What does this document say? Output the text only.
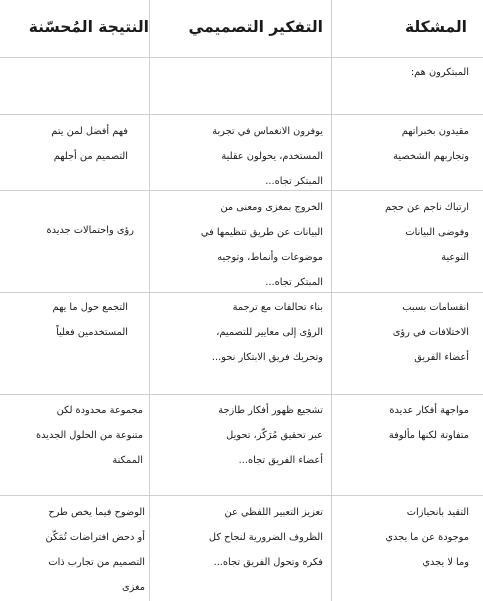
المشكلة
التفكير التصميمي
النتيجة المُحسّنة

المبتكرون هم:

مقيدون بخبراتهم

وتجاربهم الشخصية

يوفرون الانغماس في تجربة

المستخدم، يحولون عقلية

المبتكر تجاه...

فهم أفضل لمن يتم

التصميم من أجلهم

ارتباك ناجم عن حجم

وفوضى البيانات

النوعية

الخروج بمغزى ومعنى من

البيانات عن طريق تنظيمها في

موضوعات وأنماط، وتوجيه

المبتكر تجاه...

رؤى واحتمالات جديدة

انقسامات بسبب

الاختلافات في رؤى

أعضاء الفريق

بناء تحالفات مع ترجمة

الرؤى إلى معايير للتصميم،

وتحريك فريق الابتكار نحو...

التجمع حول ما يهم

المستخدمين فعلياً

مواجهة أفكار عديدة

متفاوتة لكنها مألوفة

تشجيع ظهور أفكار طازجة

عبر تحقيق مُرَكّز، تحويل

أعضاء الفريق تجاه...

مجموعة محدودة لكن

متنوعة من الحلول الجديدة

الممكنة

التقيد بانحيازات

موجودة عن ما يجدي

وما لا يجدي

تعزيز التعبير اللفظي عن

الظروف الضرورية لنجاح كل

فكرة وتحول الفريق تجاه...

الوضوح فيما يخص طرح

أو دحض افتراضات تُمَكّن

التصميم من تجارب ذات

مغزى
